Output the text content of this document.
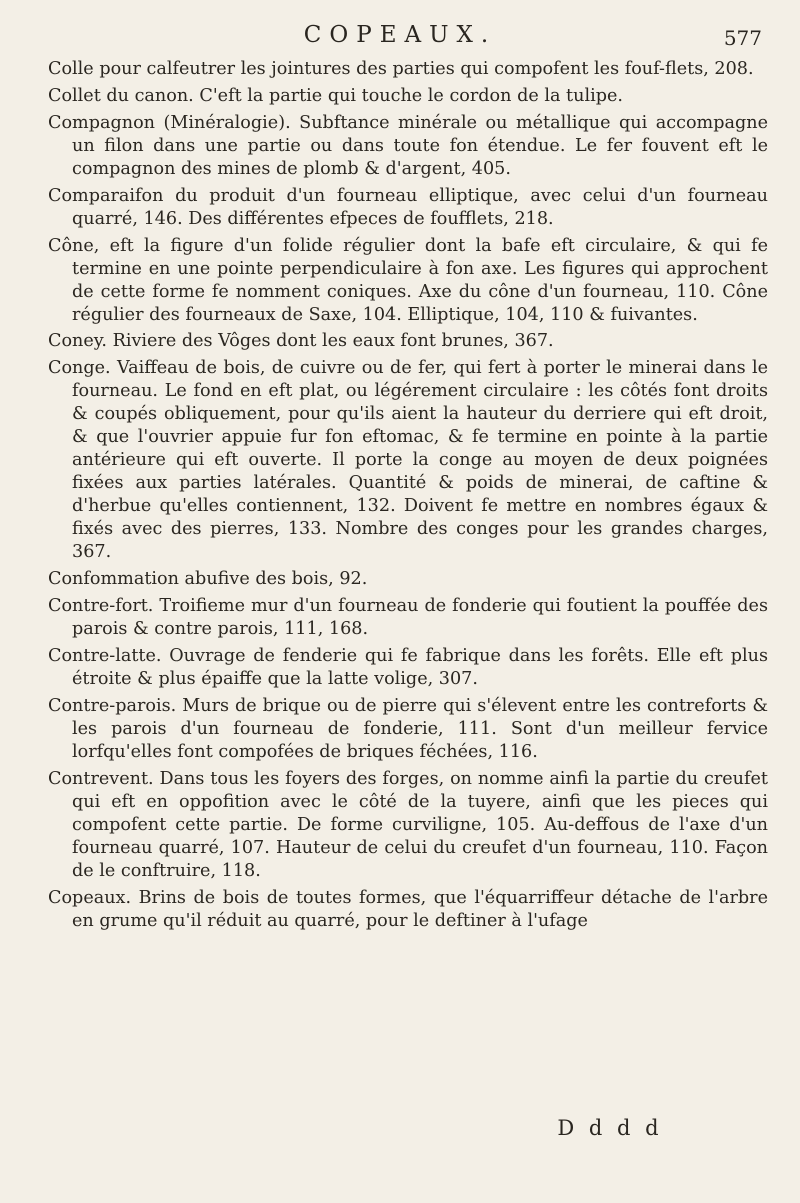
COPEAUX.	577

Colle pour calfeutrer les jointures des parties qui compofent les fouf-flets, 208.

Collet du canon. C'eft la partie qui touche le cordon de la tulipe.

Compagnon (Minéralogie). Subftance minérale ou métallique qui accompagne un filon dans une partie ou dans toute fon étendue. Le fer fouvent eft le compagnon des mines de plomb & d'argent, 405.

Comparaifon du produit d'un fourneau elliptique, avec celui d'un fourneau quarré, 146. Des différentes efpeces de foufflets, 218.

Cône, eft la figure d'un folide régulier dont la bafe eft circulaire, & qui fe termine en une pointe perpendiculaire à fon axe. Les figures qui approchent de cette forme fe nomment coniques. Axe du cône d'un fourneau, 110. Cône régulier des fourneaux de Saxe, 104. Elliptique, 104, 110 & fuivantes.

Coney. Riviere des Vôges dont les eaux font brunes, 367.

Conge. Vaiffeau de bois, de cuivre ou de fer, qui fert à porter le minerai dans le fourneau. Le fond en eft plat, ou légérement circulaire : les côtés font droits & coupés obliquement, pour qu'ils aient la hauteur du derriere qui eft droit, & que l'ouvrier appuie fur fon eftomac, & fe termine en pointe à la partie antérieure qui eft ouverte. Il porte la conge au moyen de deux poignées fixées aux parties latérales. Quantité & poids de minerai, de caftine & d'herbue qu'elles contiennent, 132. Doivent fe mettre en nombres égaux & fixés avec des pierres, 133. Nombre des conges pour les grandes charges, 367.

Confommation abufive des bois, 92.

Contre-fort. Troifieme mur d'un fourneau de fonderie qui foutient la pouffée des parois & contre parois, 111, 168.

Contre-latte. Ouvrage de fenderie qui fe fabrique dans les forêts. Elle eft plus étroite & plus épaiffe que la latte volige, 307.

Contre-parois. Murs de brique ou de pierre qui s'élevent entre les contreforts & les parois d'un fourneau de fonderie, 111. Sont d'un meilleur fervice lorfqu'elles font compofées de briques féchées, 116.

Contrevent. Dans tous les foyers des forges, on nomme ainfi la partie du creufet qui eft en oppofition avec le côté de la tuyere, ainfi que les pieces qui compofent cette partie. De forme curviligne, 105. Au-deffous de l'axe d'un fourneau quarré, 107. Hauteur de celui du creufet d'un fourneau, 110. Façon de le conftruire, 118.

Copeaux. Brins de bois de toutes formes, que l'équarriffeur détache de l'arbre en grume qu'il réduit au quarré, pour le deftiner à l'ufage

D d d d
